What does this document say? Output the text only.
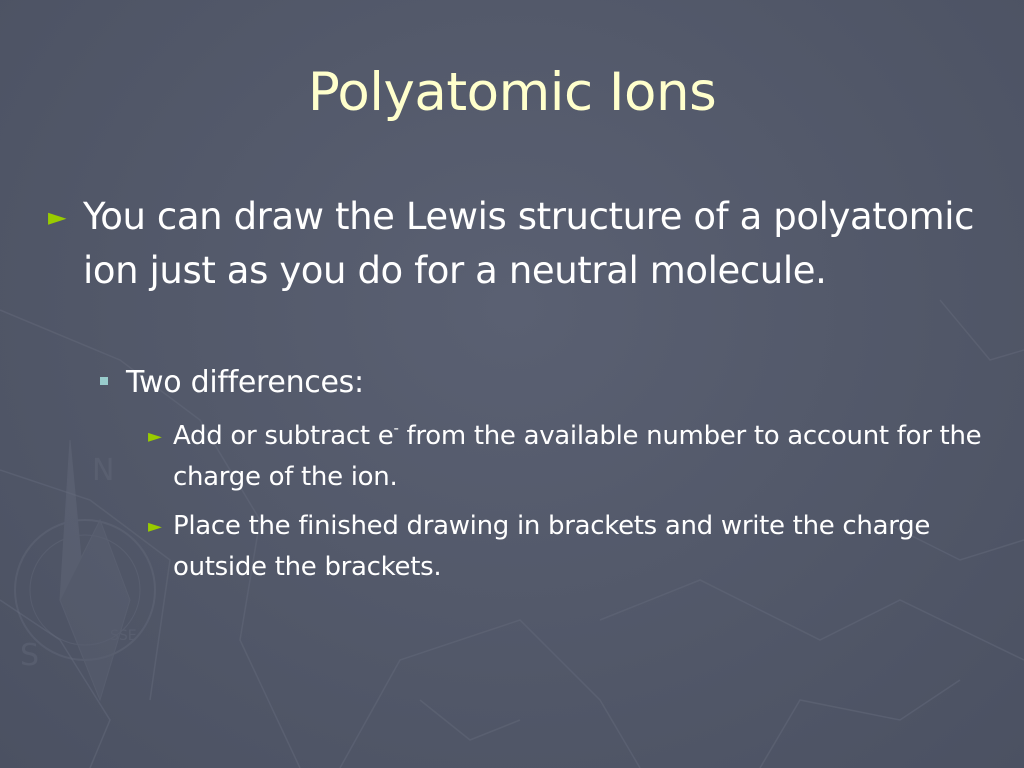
S
N
SSE
Polyatomic Ions
► You can draw the Lewis structure of a polyatomic ion just as you do for a neutral molecule.
Two differences:
► Add or subtract e- from the available number to account for the charge of the ion.
► Place the finished drawing in brackets and write the charge outside the brackets.
